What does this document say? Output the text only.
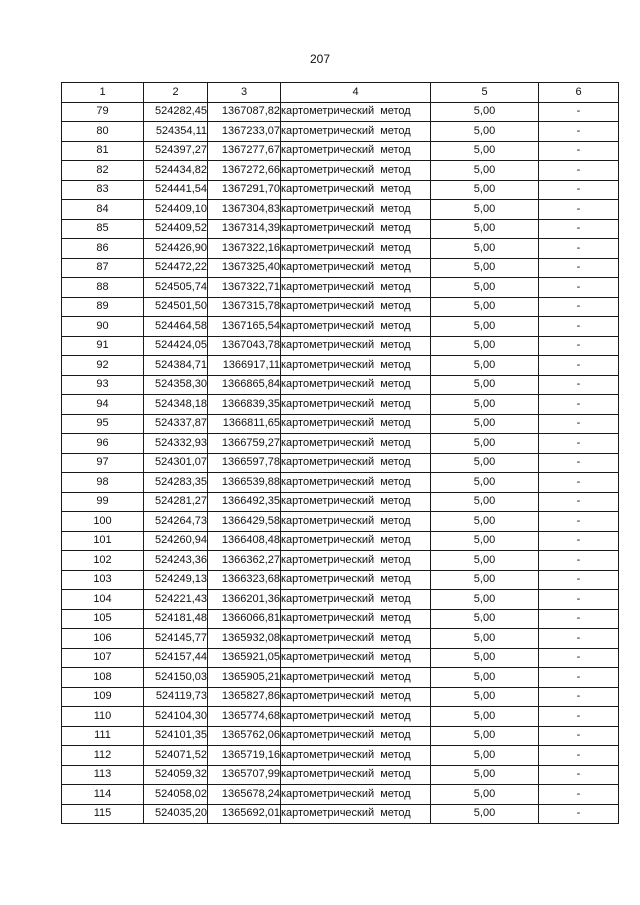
207
1	2	3	4	5	6
79	524282,45	1367087,82	картометрический метод	5,00	-
80	524354,11	1367233,07	картометрический метод	5,00	-
81	524397,27	1367277,67	картометрический метод	5,00	-
82	524434,82	1367272,66	картометрический метод	5,00	-
83	524441,54	1367291,70	картометрический метод	5,00	-
84	524409,10	1367304,83	картометрический метод	5,00	-
85	524409,52	1367314,39	картометрический метод	5,00	-
86	524426,90	1367322,16	картометрический метод	5,00	-
87	524472,22	1367325,40	картометрический метод	5,00	-
88	524505,74	1367322,71	картометрический метод	5,00	-
89	524501,50	1367315,78	картометрический метод	5,00	-
90	524464,58	1367165,54	картометрический метод	5,00	-
91	524424,05	1367043,78	картометрический метод	5,00	-
92	524384,71	1366917,11	картометрический метод	5,00	-
93	524358,30	1366865,84	картометрический метод	5,00	-
94	524348,18	1366839,35	картометрический метод	5,00	-
95	524337,87	1366811,65	картометрический метод	5,00	-
96	524332,93	1366759,27	картометрический метод	5,00	-
97	524301,07	1366597,78	картометрический метод	5,00	-
98	524283,35	1366539,88	картометрический метод	5,00	-
99	524281,27	1366492,35	картометрический метод	5,00	-
100	524264,73	1366429,58	картометрический метод	5,00	-
101	524260,94	1366408,48	картометрический метод	5,00	-
102	524243,36	1366362,27	картометрический метод	5,00	-
103	524249,13	1366323,68	картометрический метод	5,00	-
104	524221,43	1366201,36	картометрический метод	5,00	-
105	524181,48	1366066,81	картометрический метод	5,00	-
106	524145,77	1365932,08	картометрический метод	5,00	-
107	524157,44	1365921,05	картометрический метод	5,00	-
108	524150,03	1365905,21	картометрический метод	5,00	-
109	524119,73	1365827,86	картометрический метод	5,00	-
110	524104,30	1365774,68	картометрический метод	5,00	-
111	524101,35	1365762,06	картометрический метод	5,00	-
112	524071,52	1365719,16	картометрический метод	5,00	-
113	524059,32	1365707,99	картометрический метод	5,00	-
114	524058,02	1365678,24	картометрический метод	5,00	-
115	524035,20	1365692,01	картометрический метод	5,00	-
